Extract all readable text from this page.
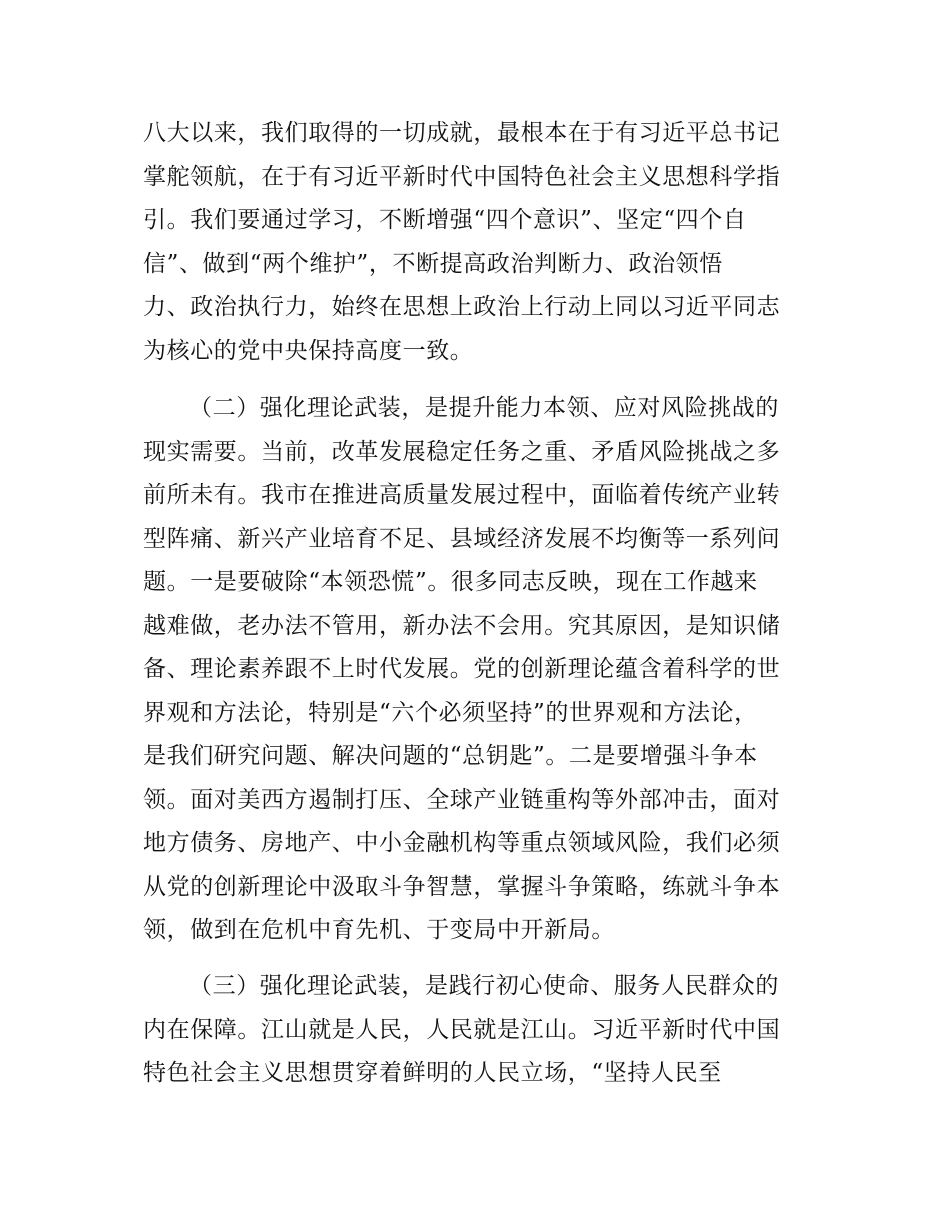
八大以来，我们取得的一切成就，最根本在于有习近平总书记
掌舵领航，在于有习近平新时代中国特色社会主义思想科学指
引。我们要通过学习，不断增强“四个意识”、坚定“四个自
信”、做到“两个维护”，不断提高政治判断力、政治领悟
力、政治执行力，始终在思想上政治上行动上同以习近平同志
为核心的党中央保持高度一致。
（二）强化理论武装，是提升能力本领、应对风险挑战的
现实需要。当前，改革发展稳定任务之重、矛盾风险挑战之多
前所未有。我市在推进高质量发展过程中，面临着传统产业转
型阵痛、新兴产业培育不足、县域经济发展不均衡等一系列问
题。一是要破除“本领恐慌”。很多同志反映，现在工作越来
越难做，老办法不管用，新办法不会用。究其原因，是知识储
备、理论素养跟不上时代发展。党的创新理论蕴含着科学的世
界观和方法论，特别是“六个必须坚持”的世界观和方法论，
是我们研究问题、解决问题的“总钥匙”。二是要增强斗争本
领。面对美西方遏制打压、全球产业链重构等外部冲击，面对
地方债务、房地产、中小金融机构等重点领域风险，我们必须
从党的创新理论中汲取斗争智慧，掌握斗争策略，练就斗争本
领，做到在危机中育先机、于变局中开新局。
（三）强化理论武装，是践行初心使命、服务人民群众的
内在保障。江山就是人民，人民就是江山。习近平新时代中国
特色社会主义思想贯穿着鲜明的人民立场，“坚持人民至
